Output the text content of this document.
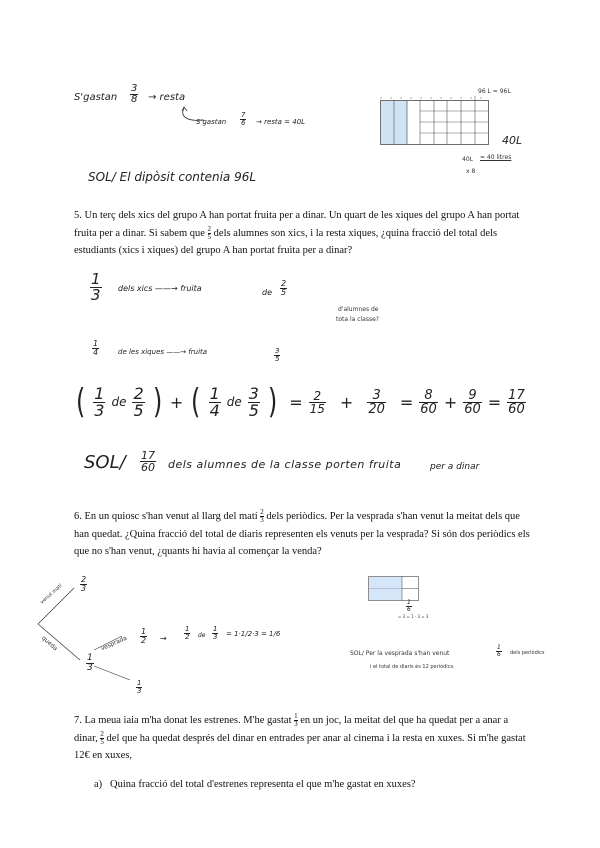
$S'gastan \frac{3}{8}$ → resta
$S'gastan \frac{7}{6}$ → resta = 40L
SOL/ El dipòsit contenia 96L
96 L = 96L
40L
40L = 40 litres
x 8
5. Un terç dels xics del grupo A han portat fruita per a dinar. Un quart de les xiques del grupo A han portat fruita per a dinar. Si sabem que $\frac{2}{5}$ dels alumnes son xics, i la resta xiques, ¿quina fracció del total dels estudiants (xics i xiques) del grupo A han portat fruita per a dinar?
$\frac{1}{3}$ dels xics ——→ fruita	de $\frac{2}{5}$
d'alumnes de
tota la classe?
$\frac{1}{4}$	de les xiques ——→ fruita	$\frac{3}{5}$
( $\frac{1}{3}$ de $\frac{2}{5}$ ) + ( $\frac{1}{4}$ de $\frac{3}{5}$ ) = $\frac{2}{15} + \frac{3}{20} = \frac{8}{60} + \frac{9}{60} = \frac{17}{60}$
$SOL/ \frac{17}{60}$ dels alumnes de la classe porten fruita	per a dinar
6. En un quiosc s'han venut al llarg del matí $\frac{2}{3}$ dels periòdics. Per la vesprada s'han venut la meitat dels que han quedat. ¿Quina fracció del total de diaris representen els venuts per la vesprada? Si són dos periòdics els que no s'han venut, ¿quants hi havia al començar la venda?
venut matí $\frac{2}{3}$
queda
$\frac{1}{3}$
vesprada $\frac{1}{2} \to \frac{1}{2}$ de $\frac{1}{3} = 1\cdot 1/2\cdot 3 = 1/6$
$\frac{1}{3}$
$\frac{1}{6}$
= 3 = 1 · 3 = 3
SOL/ Per la vesprada s'han venut	$\frac{1}{6}$ dels periòdics
i el total de diaris és 12 periòdics.
7. La meua iaia m'ha donat les estrenes. M'he gastat $\frac{1}{3}$ en un joc, la meitat del que ha quedat per a anar a dinar, $\frac{2}{5}$ del que ha quedat després del dinar en entrades per anar al cinema i la resta en xuxes. Si m'he gastat 12€ en xuxes,
a) Quina fracció del total d'estrenes representa el que m'he gastat en xuxes?
